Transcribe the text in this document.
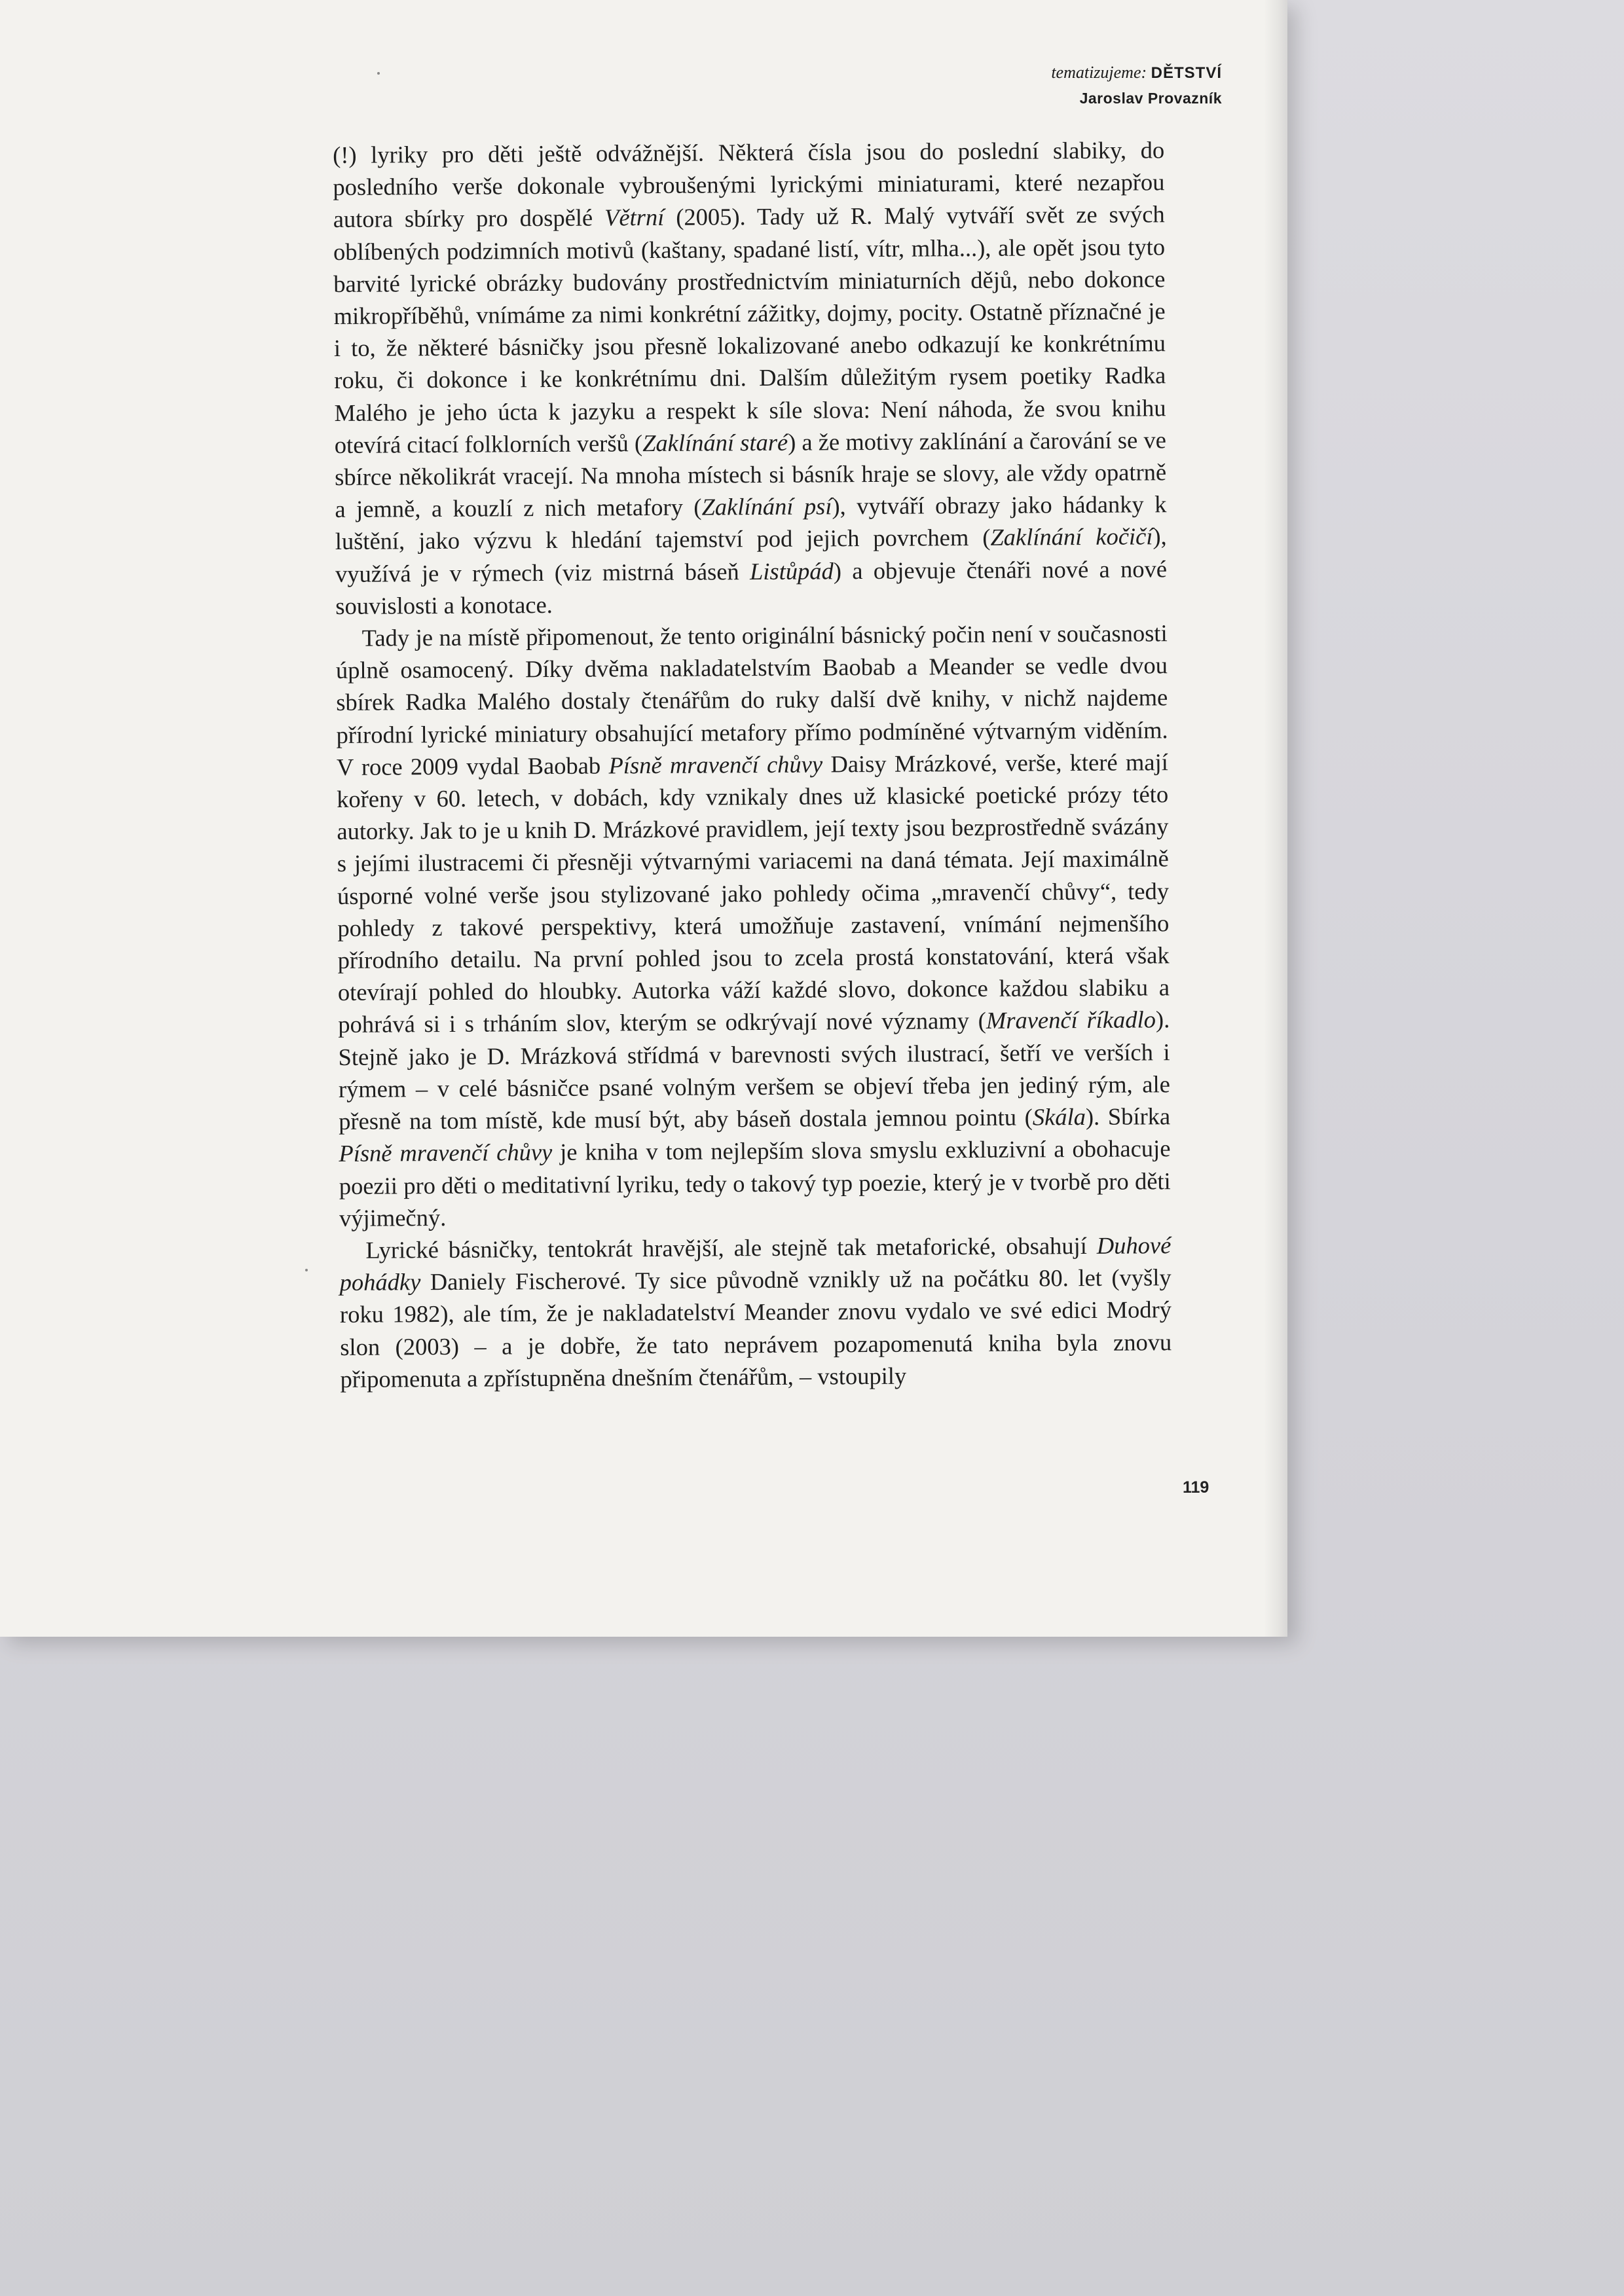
tematizujeme: DĚTSTVÍ
Jaroslav Provazník

(!) lyriky pro děti ještě odvážnější. Některá čísla jsou do poslední slabiky, do posledního verše dokonale vybroušenými lyrickými miniaturami, které nezapřou autora sbírky pro dospělé Větrní (2005). Tady už R. Malý vytváří svět ze svých oblíbených podzimních motivů (kaštany, spadané listí, vítr, mlha...), ale opět jsou tyto barvité lyrické obrázky budovány prostřednictvím miniaturních dějů, nebo dokonce mikropříběhů, vnímáme za nimi konkrétní zážitky, dojmy, pocity. Ostatně příznačné je i to, že některé básničky jsou přesně lokalizované anebo odkazují ke konkrétnímu roku, či dokonce i ke konkrétnímu dni. Dalším důležitým rysem poetiky Radka Malého je jeho úcta k jazyku a respekt k síle slova: Není náhoda, že svou knihu otevírá citací folklorních veršů (Zaklínání staré) a že motivy zaklínání a čarování se ve sbírce několikrát vracejí. Na mnoha místech si básník hraje se slovy, ale vždy opatrně a jemně, a kouzlí z nich metafory (Zaklínání psí), vytváří obrazy jako hádanky k luštění, jako výzvu k hledání tajemství pod jejich povrchem (Zaklínání kočičí), využívá je v rýmech (viz mistrná báseň Listůpád) a objevuje čtenáři nové a nové souvislosti a konotace.

Tady je na místě připomenout, že tento originální básnický počin není v současnosti úplně osamocený. Díky dvěma nakladatelstvím Baobab a Meander se vedle dvou sbírek Radka Malého dostaly čtenářům do ruky další dvě knihy, v nichž najdeme přírodní lyrické miniatury obsahující metafory přímo podmíněné výtvarným viděním. V roce 2009 vydal Baobab Písně mravenčí chůvy Daisy Mrázkové, verše, které mají kořeny v 60. letech, v dobách, kdy vznikaly dnes už klasické poetické prózy této autorky. Jak to je u knih D. Mrázkové pravidlem, její texty jsou bezprostředně svázány s jejími ilustracemi či přesněji výtvarnými variacemi na daná témata. Její maximálně úsporné volné verše jsou stylizované jako pohledy očima „mravenčí chůvy“, tedy pohledy z takové perspektivy, která umožňuje zastavení, vnímání nejmenšího přírodního detailu. Na první pohled jsou to zcela prostá konstatování, která však otevírají pohled do hloubky. Autorka váží každé slovo, dokonce každou slabiku a pohrává si i s trháním slov, kterým se odkrývají nové významy (Mravenčí říkadlo). Stejně jako je D. Mrázková střídmá v barevnosti svých ilustrací, šetří ve verších i rýmem – v celé básničce psané volným veršem se objeví třeba jen jediný rým, ale přesně na tom místě, kde musí být, aby báseň dostala jemnou pointu (Skála). Sbírka Písně mravenčí chůvy je kniha v tom nejlepším slova smyslu exkluzivní a obohacuje poezii pro děti o meditativní lyriku, tedy o takový typ poezie, který je v tvorbě pro děti výjimečný.

Lyrické básničky, tentokrát hravější, ale stejně tak metaforické, obsahují Duhové pohádky Daniely Fischerové. Ty sice původně vznikly už na počátku 80. let (vyšly roku 1982), ale tím, že je nakladatelství Meander znovu vydalo ve své edici Modrý slon (2003) – a je dobře, že tato neprávem pozapomenutá kniha byla znovu připomenuta a zpřístupněna dnešním čtenářům, – vstoupily

119
